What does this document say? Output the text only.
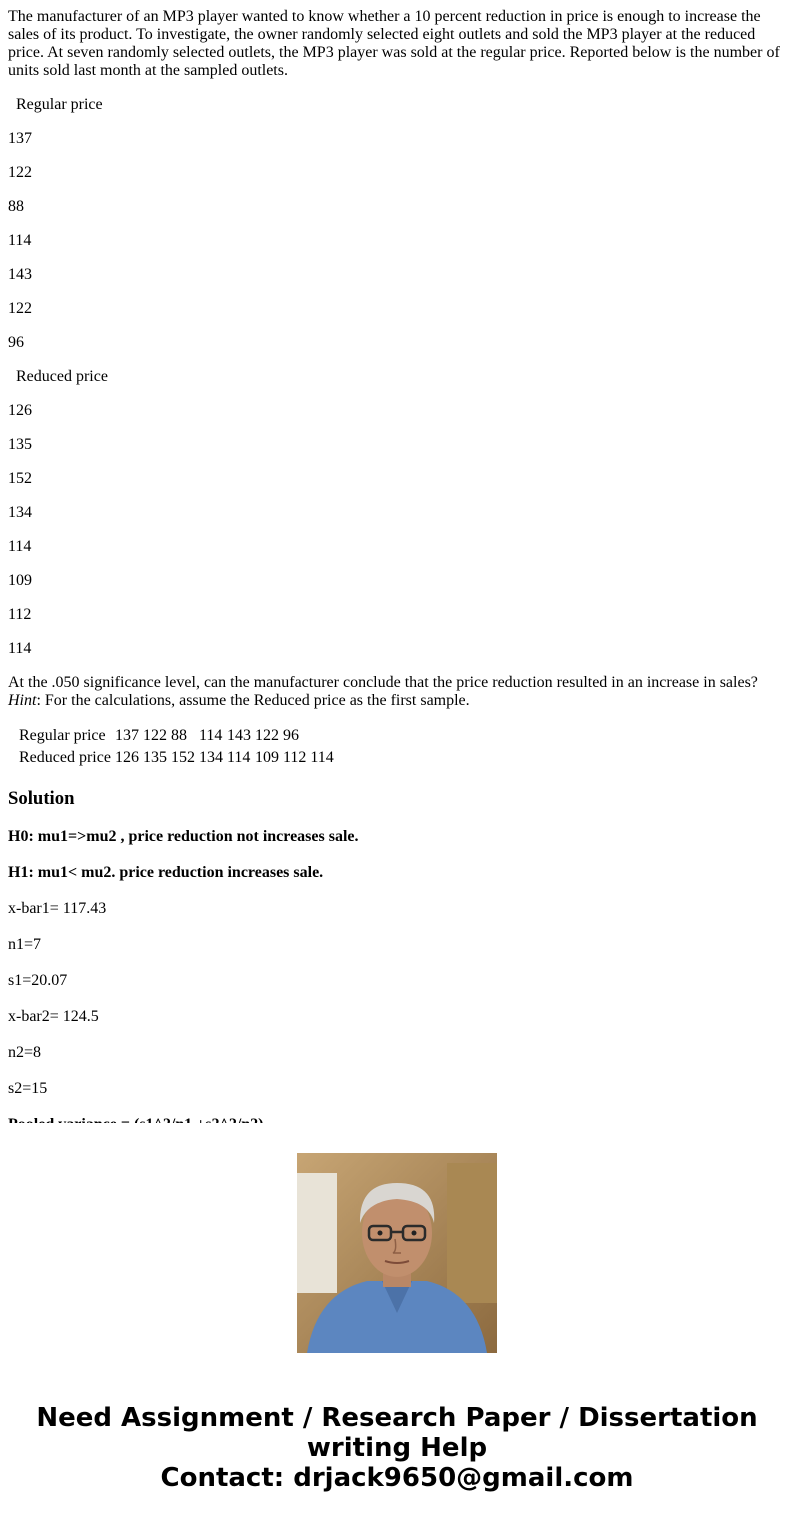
The manufacturer of an MP3 player wanted to know whether a 10 percent reduction in price is enough to increase the sales of its product. To investigate, the owner randomly selected eight outlets and sold the MP3 player at the reduced price. At seven randomly selected outlets, the MP3 player was sold at the regular price. Reported below is the number of units sold last month at the sampled outlets.

Regular price

137

122

88

114

143

122

96

Reduced price

126

135

152

134

114

109

112

114

At the .050 significance level, can the manufacturer conclude that the price reduction resulted in an increase in sales? Hint: For the calculations, assume the Reduced price as the first sample.

Regular price	137	122	88	114	143	122	96	
Reduced price	126	135	152	134	114	109	112	114
Solution

H0: mu1=>mu2 , price reduction not increases sale.

H1: mu1< mu2. price reduction increases sale.

x-bar1= 117.43

n1=7

s1=20.07

x-bar2= 124.5

n2=8

s2=15

Need Assignment / Research Paper / Dissertation
writing Help
Contact: drjack9650@gmail.com
